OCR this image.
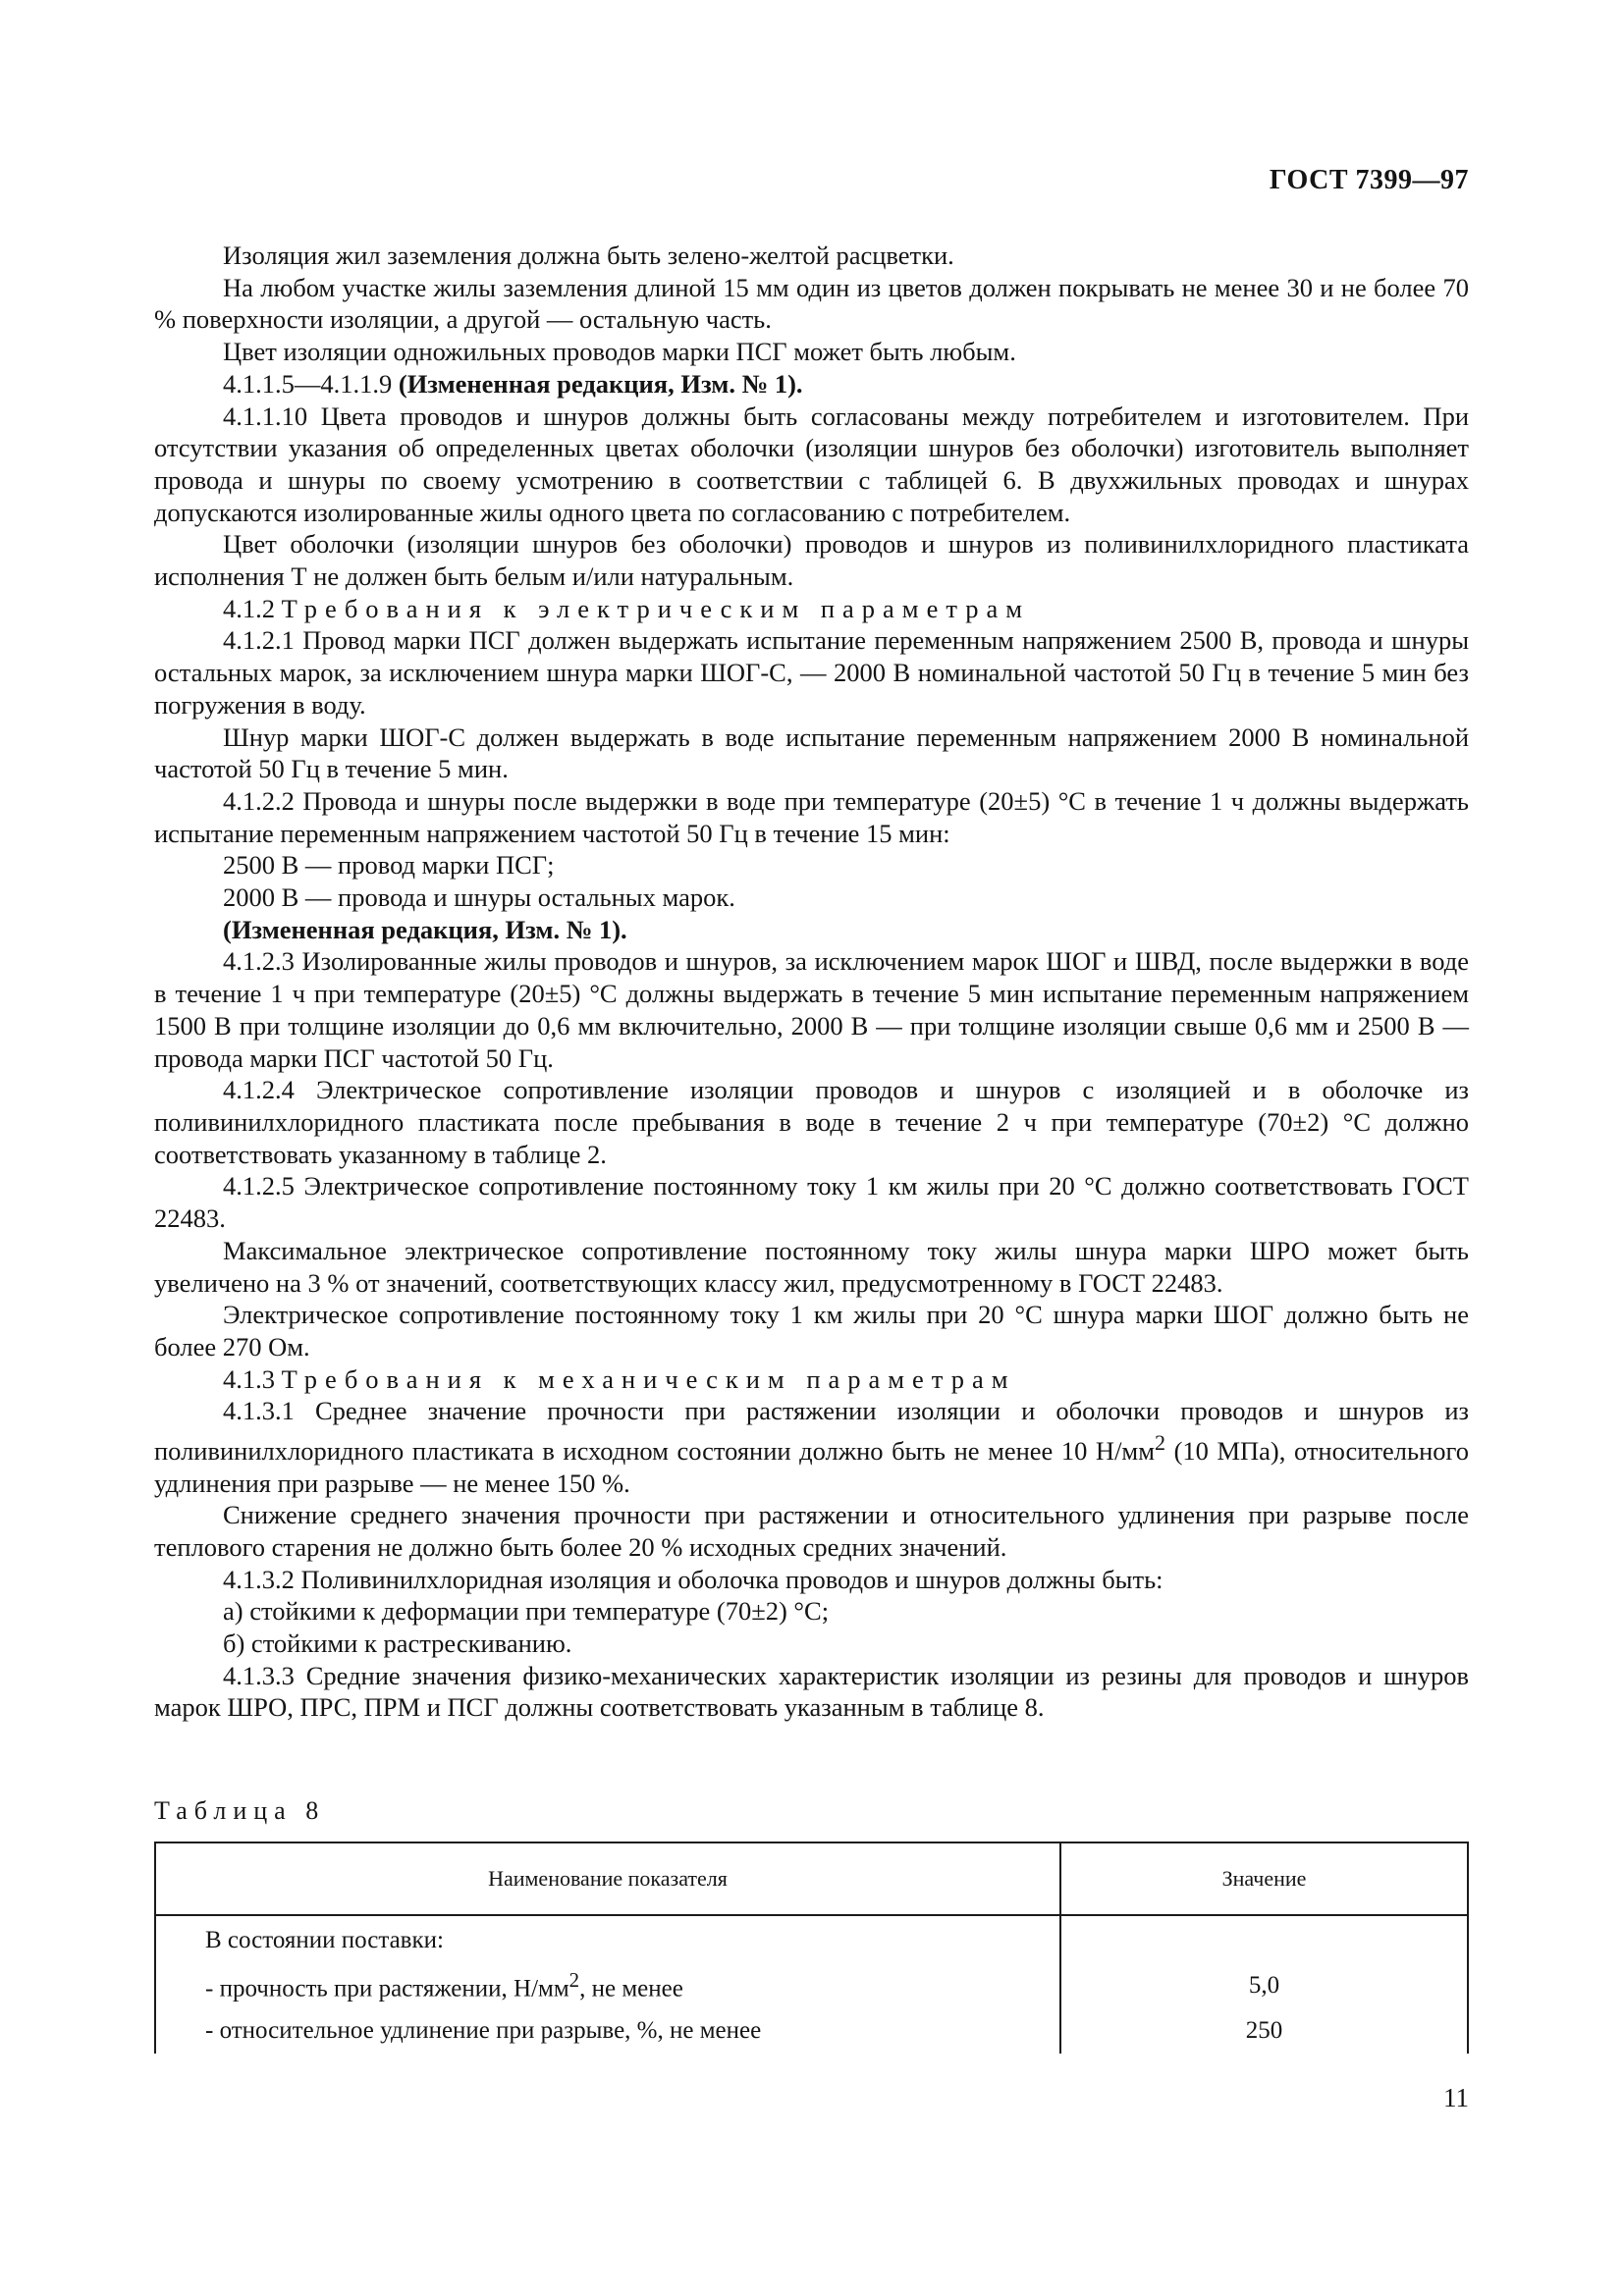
ГОСТ 7399—97

Изоляция жил заземления должна быть зелено-желтой расцветки.

На любом участке жилы заземления длиной 15 мм один из цветов должен покрывать не менее 30 и не более 70 % поверхности изоляции, а другой — остальную часть.

Цвет изоляции одножильных проводов марки ПСГ может быть любым.

4.1.1.5—4.1.1.9 (Измененная редакция, Изм. № 1).

4.1.1.10 Цвета проводов и шнуров должны быть согласованы между потребителем и изготовителем. При отсутствии указания об определенных цветах оболочки (изоляции шнуров без оболочки) изготовитель выполняет провода и шнуры по своему усмотрению в соответствии с таблицей 6. В двухжильных проводах и шнурах допускаются изолированные жилы одного цвета по согласованию с потребителем.

Цвет оболочки (изоляции шнуров без оболочки) проводов и шнуров из поливинилхлоридного пластиката исполнения Т не должен быть белым и/или натуральным.

4.1.2 Требования к электрическим параметрам

4.1.2.1 Провод марки ПСГ должен выдержать испытание переменным напряжением 2500 В, провода и шнуры остальных марок, за исключением шнура марки ШОГ-С, — 2000 В номинальной частотой 50 Гц в течение 5 мин без погружения в воду.

Шнур марки ШОГ-С должен выдержать в воде испытание переменным напряжением 2000 В номинальной частотой 50 Гц в течение 5 мин.

4.1.2.2 Провода и шнуры после выдержки в воде при температуре (20±5) °С в течение 1 ч должны выдержать испытание переменным напряжением частотой 50 Гц в течение 15 мин:

2500 В — провод марки ПСГ;

2000 В — провода и шнуры остальных марок.

(Измененная редакция, Изм. № 1).

4.1.2.3 Изолированные жилы проводов и шнуров, за исключением марок ШОГ и ШВД, после выдержки в воде в течение 1 ч при температуре (20±5) °С должны выдержать в течение 5 мин испытание переменным напряжением 1500 В при толщине изоляции до 0,6 мм включительно, 2000 В — при толщине изоляции свыше 0,6 мм и 2500 В — провода марки ПСГ частотой 50 Гц.

4.1.2.4 Электрическое сопротивление изоляции проводов и шнуров с изоляцией и в оболочке из поливинилхлоридного пластиката после пребывания в воде в течение 2 ч при температуре (70±2) °С должно соответствовать указанному в таблице 2.

4.1.2.5 Электрическое сопротивление постоянному току 1 км жилы при 20 °С должно соответствовать ГОСТ 22483.

Максимальное электрическое сопротивление постоянному току жилы шнура марки ШРО может быть увеличено на 3 % от значений, соответствующих классу жил, предусмотренному в ГОСТ 22483.

Электрическое сопротивление постоянному току 1 км жилы при 20 °С шнура марки ШОГ должно быть не более 270 Ом.

4.1.3 Требования к механическим параметрам

4.1.3.1 Среднее значение прочности при растяжении изоляции и оболочки проводов и шнуров из поливинилхлоридного пластиката в исходном состоянии должно быть не менее 10 $Н/мм^2$ (10 МПа), относительного удлинения при разрыве — не менее 150 %.

Снижение среднего значения прочности при растяжении и относительного удлинения при разрыве после теплового старения не должно быть более 20 % исходных средних значений.

4.1.3.2 Поливинилхлоридная изоляция и оболочка проводов и шнуров должны быть:

а) стойкими к деформации при температуре (70±2) °С;

б) стойкими к растрескиванию.

4.1.3.3 Средние значения физико-механических характеристик изоляции из резины для проводов и шнуров марок ШРО, ПРС, ПРМ и ПСГ должны соответствовать указанным в таблице 8.

Таблица 8
Наименование показателя	Значение

В состоянии поставки:	
- прочность при растяжении, $Н/мм^2$, не менее	5,0
- относительное удлинение при разрыве, %, не менее	250
11
